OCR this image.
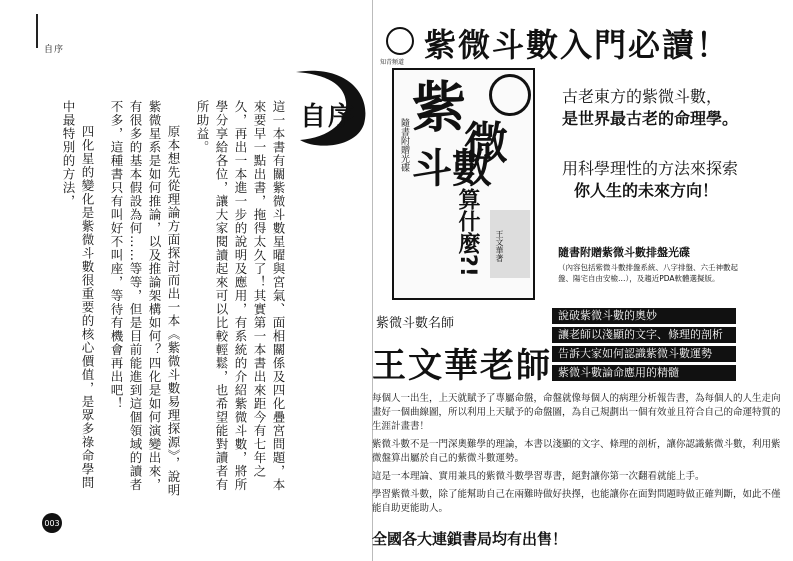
自序
自序

這一本書有關紫微斗數星曜與宮氣、面相關係及四化疊宮問題，本來要早一點出書，拖得太久了！其實第一本書出來距今有七年之久，再出一本進一步的說明及應用，有系統的介紹紫微斗數，將所學分享給各位，讓大家閱讀起來可以比較輕鬆，也希望能對讀者有所助益。

原本想先從理論方面探討而出一本《紫微斗數易理探源》，說明紫微星系是如何推論，以及推論架構如何？四化是如何演變出來，有很多的基本假設為何……等等，但是目前能進到這個領域的讀者不多，這種書只有叫好不叫座，等待有機會再出吧！

四化星的變化是紫微斗數很重要的核心價值，是眾多祿命學問中最特別的方法，

003
知青頻道 紫微斗數入門必讀！
隨書附贈光碟
紫
微
斗數
算什麼?! 王文華著
古老東方的紫微斗數，
是世界最古老的命理學。
用科學理性的方法來探索
你人生的未來方向！
隨書附贈紫微斗數排盤光碟
（內容包括紫微斗數排盤系統、八字排盤、六壬神數起盤、陽宅自由安檢…），及趨近PDA軟體選擬版。
紫微斗數名師
王文華老師
說破紫微斗數的奧妙
讓老師以淺顯的文字、條理的剖析
告訴大家如何認識紫微斗數運勢
紫微斗數論命應用的精髓
每個人一出生，上天就賦予了專屬命盤，命盤就像每個人的病理分析報告書，為每個人的人生走向畫好一個曲線圖，所以利用上天賦予的命盤圖，為自己規劃出一個有效並且符合自己的命運特質的生涯計畫書！
紫微斗數不是一門深奧難學的理論，本書以淺顯的文字、條理的剖析，讓你認識紫微斗數，利用紫微盤算出屬於自己的紫微斗數運勢。
這是一本理論、實用兼具的紫微斗數學習專書，絕對讓你第一次翻看就能上手。
學習紫微斗數，除了能幫助自己在兩難時做好抉擇，也能讓你在面對問題時做正確判斷，如此不僅能自助更能助人。
全國各大連鎖書局均有出售！
